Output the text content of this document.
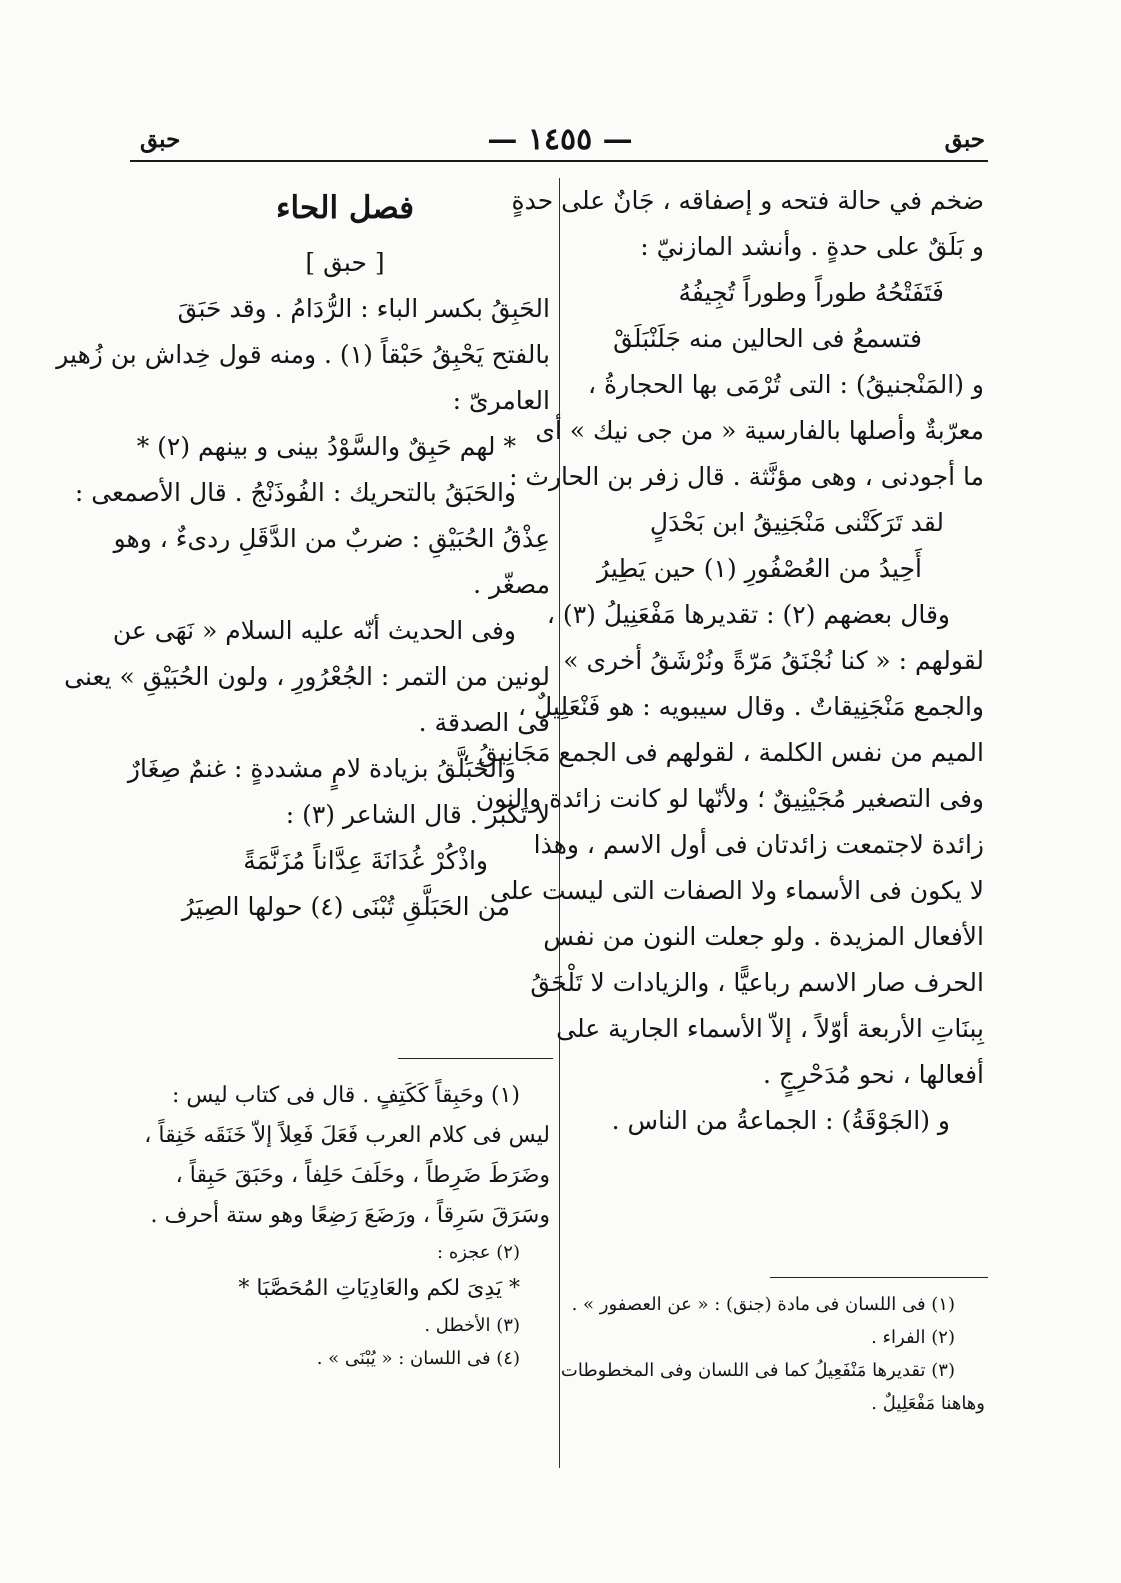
حبق
— ١٤٥٥ —
حبق

ضخم في حالة فتحه و إصفاقه ، جَانٌ على حدةٍ

و بَلَقٌ على حدةٍ . وأنشد المازنيّ :

فَتَفَتْحُهُ طوراً وطوراً تُجِيفُهُ

فتسمعُ فى الحالين منه جَلَنْبَلَقْ

و (المَنْجنيقُ) : التى تُرْمَى بها الحجارةُ ،

معرّبةٌ وأصلها بالفارسية « من جى نيك » أى

ما أجودنى ، وهى مؤنَّثة . قال زفر بن الحارث :

لقد تَرَكَتْنى مَنْجَنِيقُ ابن بَحْدَلٍ

أَحِيدُ من العُصْفُورِ (١) حين يَطِيرُ

وقال بعضهم (٢) : تقديرها مَفْعَنِيلُ (٣) ،

لقولهم : « كنا نُجْنَقُ مَرّةً ونُرْشَقُ أخرى »

والجمع مَنْجَنِيقاتٌ . وقال سيبويه : هو فَنْعَلِيلٌ ،

الميم من نفس الكلمة ، لقولهم فى الجمع مَجَانِيقُ ،

وفى التصغير مُجَيْنِيقٌ ؛ ولأنّها لو كانت زائدة والنون

زائدة لاجتمعت زائدتان فى أول الاسم ، وهذا

لا يكون فى الأسماء ولا الصفات التى ليست على

الأفعال المزيدة . ولو جعلت النون من نفس

الحرف صار الاسم رباعيًّا ، والزيادات لا تَلْحَقُ

بِبنَاتِ الأربعة أوّلاً ، إلاّ الأسماء الجارية على

أفعالها ، نحو مُدَحْرِجٍ .

و (الجَوْقَةُ) : الجماعةُ من الناس .

فصل الحاء

[ حبق ]

الحَبِقُ بكسر الباء : الرُّدَامُ . وقد حَبَقَ

بالفتح يَحْبِقُ حَبْقاً (١) . ومنه قول خِداش بن زُهير

العامرىّ :

* لهم حَبِقٌ والسَّوْدُ بينى و بينهم (٢) *

والحَبَقُ بالتحريك : الفُوذَنْجُ . قال الأصمعى :

عِذْقُ الحُبَيْقِ : ضربٌ من الدَّقَلِ ردىءٌ ، وهو

مصغّر .

وفى الحديث أنّه عليه السلام « نَهَى عن

لونين من التمر : الجُعْرُورِ ، ولون الحُبَيْقِ » يعنى

فى الصدقة .

والحَبَلَّقُ بزيادة لامٍ مشددةٍ : غنمٌ صِغَارٌ

لا تَكبُر . قال الشاعر (٣) :

واذْكُرْ غُدَانَةَ عِدَّاناً مُزَنَّمَةً

من الحَبَلَّقِ تُبْنَى (٤) حولها الصِيَرُ

(١) فى اللسان فى مادة (جنق) : « عن العصفور » .

(٢) الفراء .

(٣) تقديرها مَنْفَعِيلُ كما فى اللسان وفى المخطوطات

وهاهنا مَفْعَلِيلٌ .

(١) وحَبِقاً كَكَتِفٍ . قال فى كتاب ليس :

ليس فى كلام العرب فَعَلَ فَعِلاً إلاّ خَنَقَه خَنِقاً ،

وضَرَطَ ضَرِطاً ، وحَلَفَ حَلِفاً ، وحَبَقَ حَبِقاً ،

وسَرَقَ سَرِقاً ، ورَضَعَ رَضِعًا وهو ستة أحرف .

(٢) عجزه :

* يَدِىَ لكم والعَادِيَاتِ المُحَصَّبَا *

(٣) الأخطل .

(٤) فى اللسان : « يُبْنَى » .
